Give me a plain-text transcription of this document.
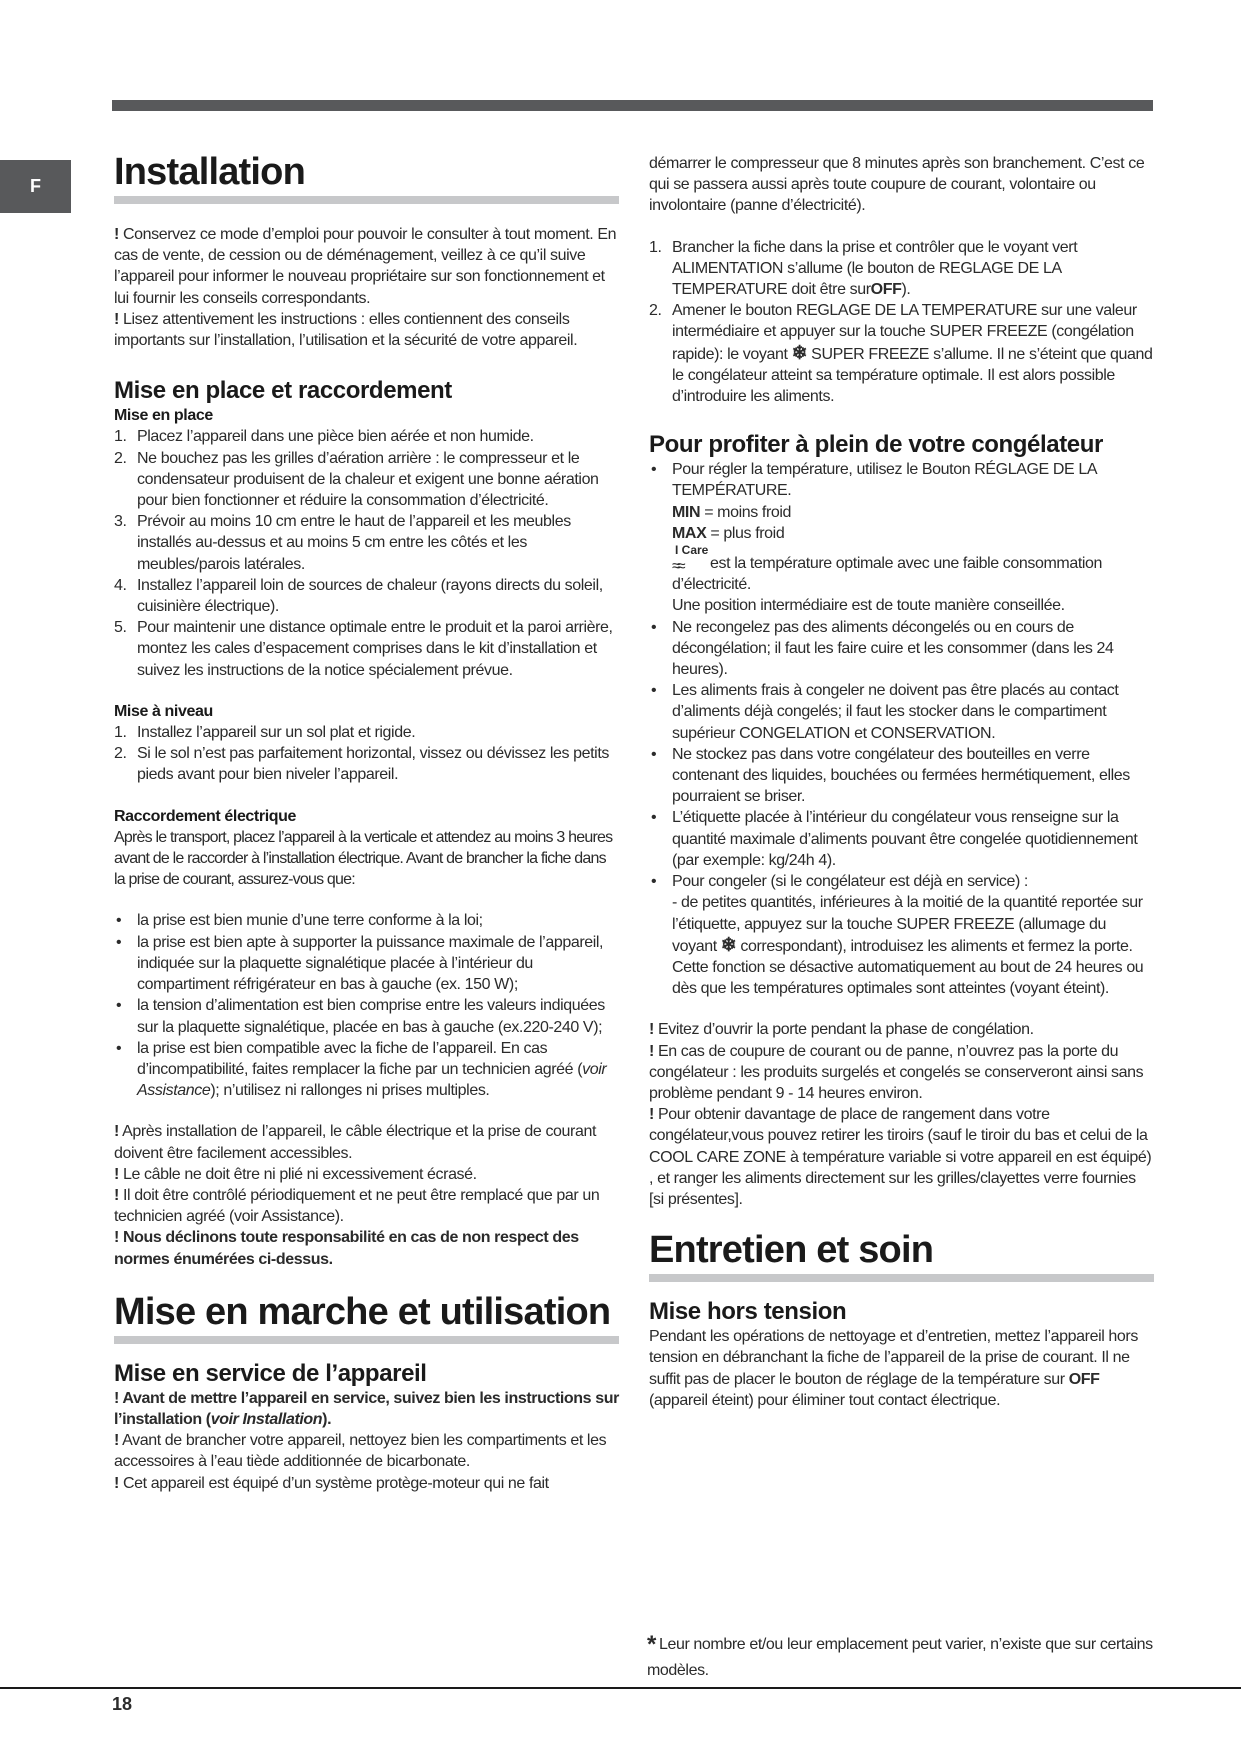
F	Installation

! Conservez ce mode d’emploi pour pouvoir le consulter à tout moment. En cas de vente, de cession ou de déménagement, veillez à ce qu’il suive l’appareil pour informer le nouveau propriétaire sur son fonctionnement et lui fournir les conseils correspondants.

! Lisez attentivement les instructions : elles contiennent des conseils importants sur l’installation, l’utilisation et la sécurité de votre appareil.

Mise en place et raccordement

Mise en place

1. Placez l’appareil dans une pièce bien aérée et non humide.
2. Ne bouchez pas les grilles d’aération arrière : le compresseur et le condensateur produisent de la chaleur et exigent une bonne aération pour bien fonctionner et réduire la consommation d’électricité.
3. Prévoir au moins 10 cm entre le haut de l’appareil et les meubles installés au-dessus et au moins 5 cm entre les côtés et les meubles/parois latérales.
4. Installez l’appareil loin de sources de chaleur (rayons directs du soleil, cuisinière électrique).
5. Pour maintenir une distance optimale entre le produit et la paroi arrière, montez les cales d’espacement comprises dans le kit d’installation et suivez les instructions de la notice spécialement prévue.

Mise à niveau

1. Installez l’appareil sur un sol plat et rigide.
2. Si le sol n’est pas parfaitement horizontal, vissez ou dévissez les petits pieds avant pour bien niveler l’appareil.

Raccordement électrique

Après le transport, placez l’appareil à la verticale et attendez au moins 3 heures avant de le raccorder à l’installation électrique. Avant de brancher la fiche dans la prise de courant, assurez-vous que:

• la prise est bien munie d’une terre conforme à la loi;
• la prise est bien apte à supporter la puissance maximale de l’appareil, indiquée sur la plaquette signalétique placée à l’intérieur du compartiment réfrigérateur en bas à gauche (ex. 150 W);
• la tension d’alimentation est bien comprise entre les valeurs indiquées sur la plaquette signalétique, placée en bas à gauche (ex.220-240 V);
• la prise est bien compatible avec la fiche de l’appareil. En cas d’incompatibilité, faites remplacer la fiche par un technicien agréé (voir Assistance); n’utilisez ni rallonges ni prises multiples.

! Après installation de l’appareil, le câble électrique et la prise de courant doivent être facilement accessibles.

! Le câble ne doit être ni plié ni excessivement écrasé.

! Il doit être contrôlé périodiquement et ne peut être remplacé que par un technicien agréé (voir Assistance).

! Nous déclinons toute responsabilité en cas de non respect des normes énumérées ci-dessus.

Mise en marche et utilisation
Mise en service de l’appareil

! Avant de mettre l’appareil en service, suivez bien les instructions sur l’installation (voir Installation).

! Avant de brancher votre appareil, nettoyez bien les compartiments et les accessoires à l’eau tiède additionnée de bicarbonate.

! Cet appareil est équipé d’un système protège-moteur qui ne fait

démarrer le compresseur que 8 minutes après son branchement. C’est ce qui se passera aussi après toute coupure de courant, volontaire ou involontaire (panne d’électricité).

1. Brancher la fiche dans la prise et contrôler que le voyant vert ALIMENTATION s’allume (le bouton de REGLAGE DE LA TEMPERATURE doit être surOFF).
2. Amener le bouton REGLAGE DE LA TEMPERATURE sur une valeur intermédiaire et appuyer sur la touche SUPER FREEZE (congélation rapide): le voyant ❄ SUPER FREEZE s’allume. Il ne s’éteint que quand le congélateur atteint sa température optimale. Il est alors possible d’introduire les aliments.
Pour profiter à plein de votre congélateur
• Pour régler la température, utilisez le Bouton RÉGLAGE DE LA TEMPÉRATURE.
MIN = moins froid
MAX = plus froid

I Care
≈≈ est la température optimale avec une faible consommation d’électricité.
Une position intermédiaire est de toute manière conseillée.
• Ne recongelez pas des aliments décongelés ou en cours de décongélation; il faut les faire cuire et les consommer (dans les 24 heures).
• Les aliments frais à congeler ne doivent pas être placés au contact d’aliments déjà congelés; il faut les stocker dans le compartiment supérieur CONGELATION et CONSERVATION.
• Ne stockez pas dans votre congélateur des bouteilles en verre contenant des liquides, bouchées ou fermées hermétiquement, elles pourraient se briser.
• L’étiquette placée à l’intérieur du congélateur vous renseigne sur la quantité maximale d’aliments pouvant être congelée quotidiennement (par exemple: kg/24h 4).
• Pour congeler (si le congélateur est déjà en service) :
- de petites quantités, inférieures à la moitié de la quantité reportée sur l’étiquette, appuyez sur la touche SUPER FREEZE (allumage du voyant ❄ correspondant), introduisez les aliments et fermez la porte. Cette fonction se désactive automatiquement au bout de 24 heures ou dès que les températures optimales sont atteintes (voyant éteint).

! Evitez d’ouvrir la porte pendant la phase de congélation.

! En cas de coupure de courant ou de panne, n’ouvrez pas la porte du congélateur : les produits surgelés et congelés se conserveront ainsi sans problème pendant 9 - 14 heures environ.

! Pour obtenir davantage de place de rangement dans votre congélateur,vous pouvez retirer les tiroirs (sauf le tiroir du bas et celui de la COOL CARE ZONE à température variable si votre appareil en est équipé) , et ranger les aliments directement sur les grilles/clayettes verre fournies [si présentes].

Entretien et soin
Mise hors tension

Pendant les opérations de nettoyage et d’entretien, mettez l’appareil hors tension en débranchant la fiche de l’appareil de la prise de courant. Il ne suffit pas de placer le bouton de réglage de la température sur OFF (appareil éteint) pour éliminer tout contact électrique.

* Leur nombre et/ou leur emplacement peut varier, n’existe que sur certains modèles.
18
